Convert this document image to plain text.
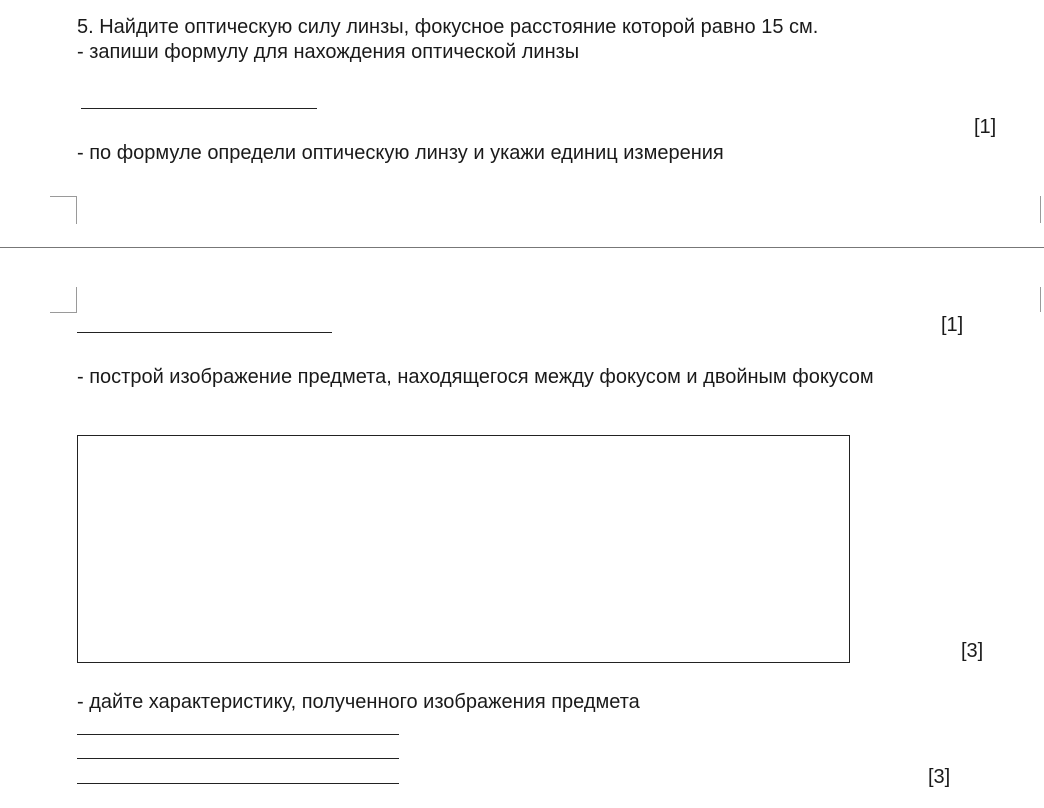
5. Найдите оптическую силу линзы, фокусное расстояние которой равно 15 см.
- запиши формулу для нахождения оптической линзы
[1]
- по формуле определи оптическую линзу и укажи единиц измерения
[1]
- построй изображение предмета, находящегося между фокусом и двойным фокусом
[3]
- дайте характеристику, полученного изображения предмета
[3]
